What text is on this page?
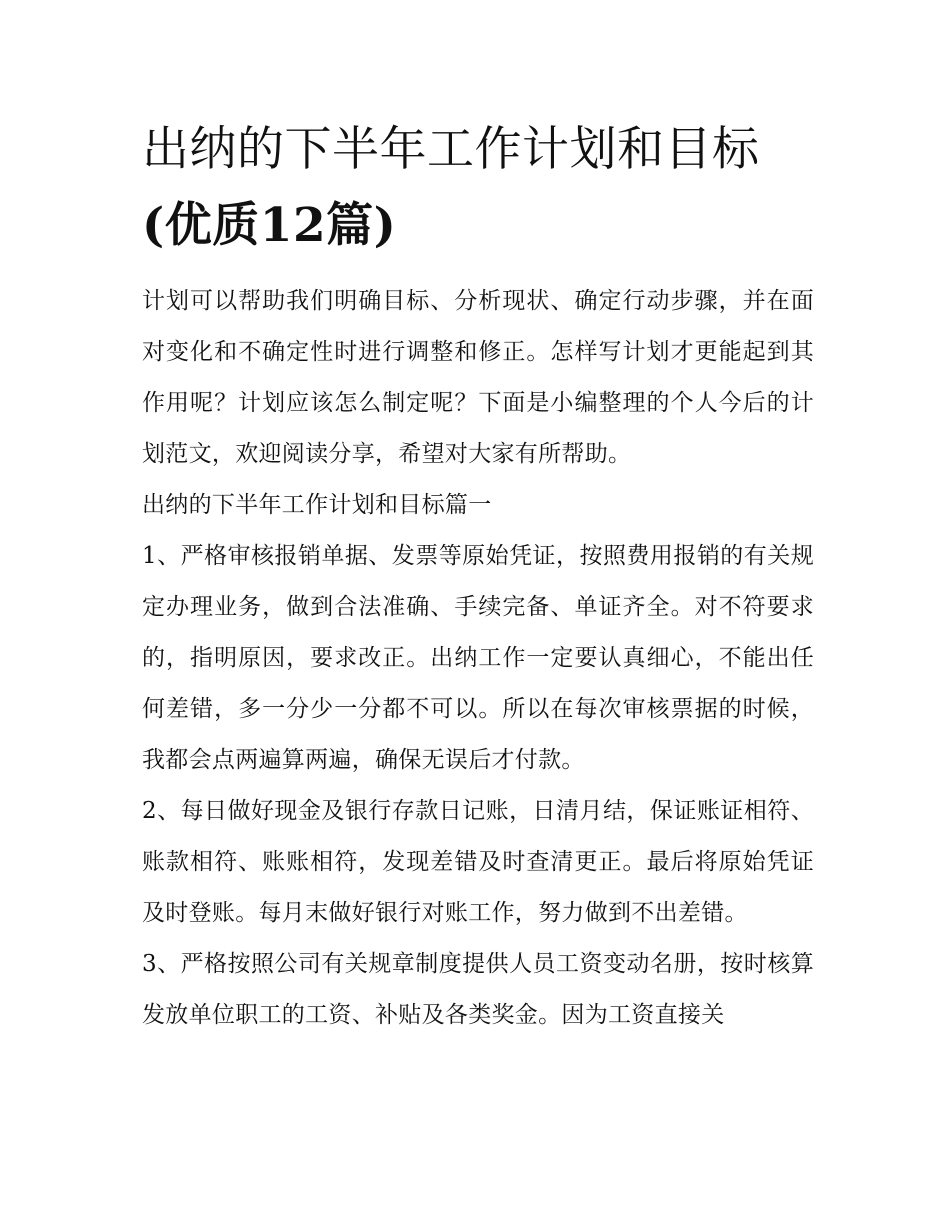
出纳的下半年工作计划和目标
(优质12篇)

计划可以帮助我们明确目标、分析现状、确定行动步骤，并在面对变化和不确定性时进行调整和修正。怎样写计划才更能起到其作用呢？计划应该怎么制定呢？下面是小编整理的个人今后的计划范文，欢迎阅读分享，希望对大家有所帮助。

出纳的下半年工作计划和目标篇一

1、严格审核报销单据、发票等原始凭证，按照费用报销的有关规定办理业务，做到合法准确、手续完备、单证齐全。对不符要求的，指明原因，要求改正。出纳工作一定要认真细心，不能出任何差错，多一分少一分都不可以。所以在每次审核票据的时候，我都会点两遍算两遍，确保无误后才付款。

2、每日做好现金及银行存款日记账，日清月结，保证账证相符、账款相符、账账相符，发现差错及时查清更正。最后将原始凭证及时登账。每月末做好银行对账工作，努力做到不出差错。

3、严格按照公司有关规章制度提供人员工资变动名册，按时核算发放单位职工的工资、补贴及各类奖金。因为工资直接关
